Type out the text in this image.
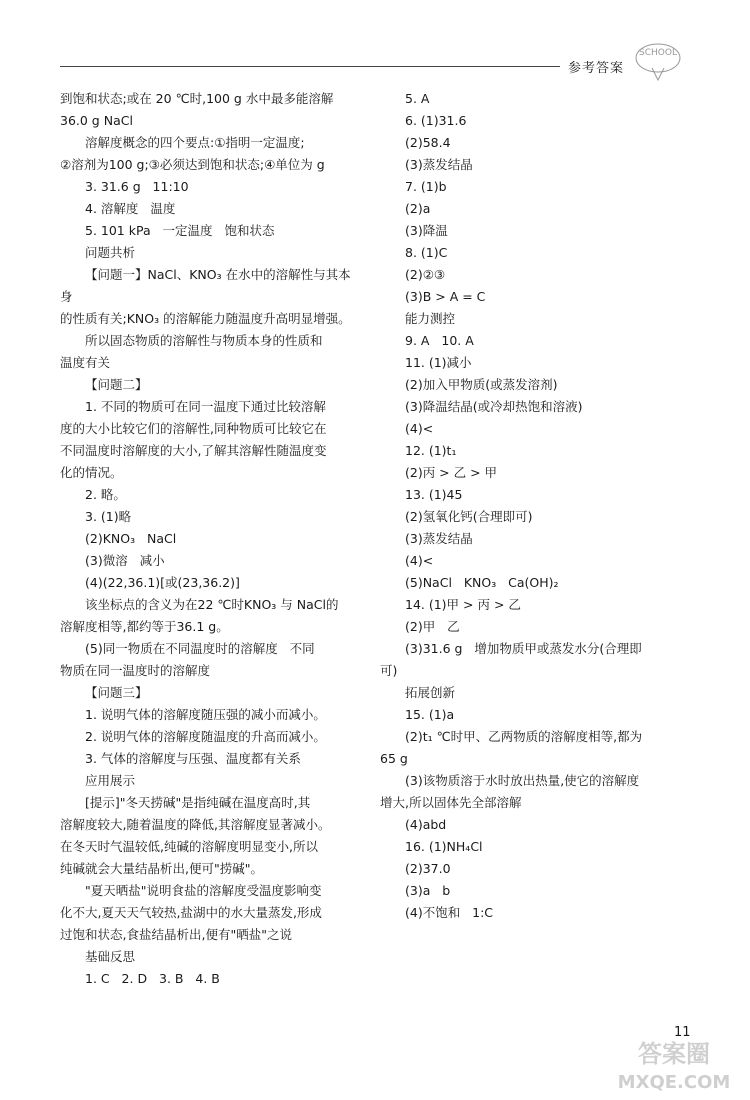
参考答案
SCHOOL

到饱和状态;或在 20 ℃时,100 g 水中最多能溶解

36.0 g NaCl

溶解度概念的四个要点:①指明一定温度;

②溶剂为100 g;③必须达到饱和状态;④单位为 g

3. 31.6 g   11:10

4. 溶解度   温度

5. 101 kPa   一定温度   饱和状态

问题共析

【问题一】NaCl、KNO₃ 在水中的溶解性与其本身

的性质有关;KNO₃ 的溶解能力随温度升高明显增强。

所以固态物质的溶解性与物质本身的性质和

温度有关

【问题二】

1. 不同的物质可在同一温度下通过比较溶解

度的大小比较它们的溶解性,同种物质可比较它在

不同温度时溶解度的大小,了解其溶解性随温度变

化的情况。

2. 略。

3. (1)略

(2)KNO₃   NaCl

(3)微溶   减小

(4)(22,36.1)[或(23,36.2)]

该坐标点的含义为在22 ℃时KNO₃ 与 NaCl的

溶解度相等,都约等于36.1 g。

(5)同一物质在不同温度时的溶解度   不同

物质在同一温度时的溶解度

【问题三】

1. 说明气体的溶解度随压强的减小而减小。

2. 说明气体的溶解度随温度的升高而减小。

3. 气体的溶解度与压强、温度都有关系

应用展示

[提示]"冬天捞碱"是指纯碱在温度高时,其

溶解度较大,随着温度的降低,其溶解度显著减小。

在冬天时气温较低,纯碱的溶解度明显变小,所以

纯碱就会大量结晶析出,便可"捞碱"。

"夏天晒盐"说明食盐的溶解度受温度影响变

化不大,夏天天气较热,盐湖中的水大量蒸发,形成

过饱和状态,食盐结晶析出,便有"晒盐"之说

基础反思

1. C   2. D   3. B   4. B

5. A

6. (1)31.6

(2)58.4

(3)蒸发结晶

7. (1)b

(2)a

(3)降温

8. (1)C

(2)②③

(3)B > A = C

能力测控

9. A   10. A

11. (1)减小

(2)加入甲物质(或蒸发溶剂)

(3)降温结晶(或冷却热饱和溶液)

(4)<

12. (1)t₁

(2)丙 > 乙 > 甲

13. (1)45

(2)氢氧化钙(合理即可)

(3)蒸发结晶

(4)<

(5)NaCl   KNO₃   Ca(OH)₂

14. (1)甲 > 丙 > 乙

(2)甲   乙

(3)31.6 g   增加物质甲或蒸发水分(合理即

可)

拓展创新

15. (1)a

(2)t₁ ℃时甲、乙两物质的溶解度相等,都为

65 g

(3)该物质溶于水时放出热量,使它的溶解度

增大,所以固体先全部溶解

(4)abd

16. (1)NH₄Cl

(2)37.0

(3)a   b

(4)不饱和   1:C

11
答案圈
MXQE.COM
